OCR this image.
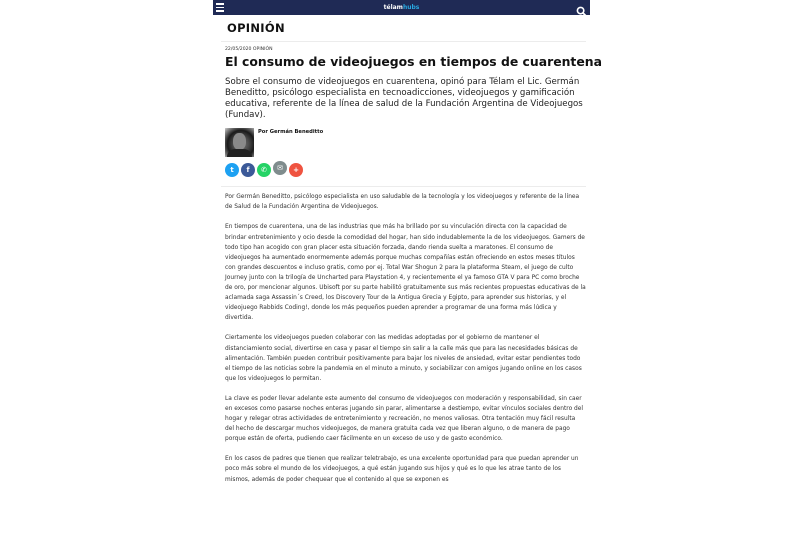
télamhubs
OPINIÓN
22/05/2020 OPINIÓN
El consumo de videojuegos en tiempos de cuarentena
Sobre el consumo de videojuegos en cuarentena, opinó para Télam el Lic. Germán Beneditto, psicólogo especialista en tecnoadicciones, videojuegos y gamificación educativa, referente de la línea de salud de la Fundación Argentina de Videojuegos (Fundav).
Por Germán Beneditto
t f ✆ ✉ +

Por Germán Beneditto, psicólogo especialista en uso saludable de la tecnología y los videojuegos y referente de la línea de Salud de la Fundación Argentina de Videojuegos.

En tiempos de cuarentena, una de las industrias que más ha brillado por su vinculación directa con la capacidad de brindar entretenimiento y ocio desde la comodidad del hogar, han sido indudablemente la de los videojuegos. Gamers de todo tipo han acogido con gran placer esta situación forzada, dando rienda suelta a maratones. El consumo de videojuegos ha aumentado enormemente además porque muchas compañías están ofreciendo en estos meses títulos con grandes descuentos e incluso gratis, como por ej. Total War Shogun 2 para la plataforma Steam, el juego de culto Journey junto con la trilogía de Uncharted para Playstation 4, y recientemente el ya famoso GTA V para PC como broche de oro, por mencionar algunos. Ubisoft por su parte habilitó gratuitamente sus más recientes propuestas educativas de la aclamada saga Assassin´s Creed, los Discovery Tour de la Antigua Grecia y Egipto, para aprender sus historias, y el videojuego Rabbids Coding!, donde los más pequeños pueden aprender a programar de una forma más lúdica y divertida.

Ciertamente los videojuegos pueden colaborar con las medidas adoptadas por el gobierno de mantener el distanciamiento social, divertirse en casa y pasar el tiempo sin salir a la calle más que para las necesidades básicas de alimentación. También pueden contribuir positivamente para bajar los niveles de ansiedad, evitar estar pendientes todo el tiempo de las noticias sobre la pandemia en el minuto a minuto, y sociabilizar con amigos jugando online en los casos que los videojuegos lo permitan.

La clave es poder llevar adelante este aumento del consumo de videojuegos con moderación y responsabilidad, sin caer en excesos como pasarse noches enteras jugando sin parar, alimentarse a destiempo, evitar vínculos sociales dentro del hogar y relegar otras actividades de entretenimiento y recreación, no menos valiosas. Otra tentación muy fácil resulta del hecho de descargar muchos videojuegos, de manera gratuita cada vez que liberan alguno, o de manera de pago porque están de oferta, pudiendo caer fácilmente en un exceso de uso y de gasto económico.

En los casos de padres que tienen que realizar teletrabajo, es una excelente oportunidad para que puedan aprender un poco más sobre el mundo de los videojuegos, a qué están jugando sus hijos y qué es lo que les atrae tanto de los mismos, además de poder chequear que el contenido al que se exponen es
